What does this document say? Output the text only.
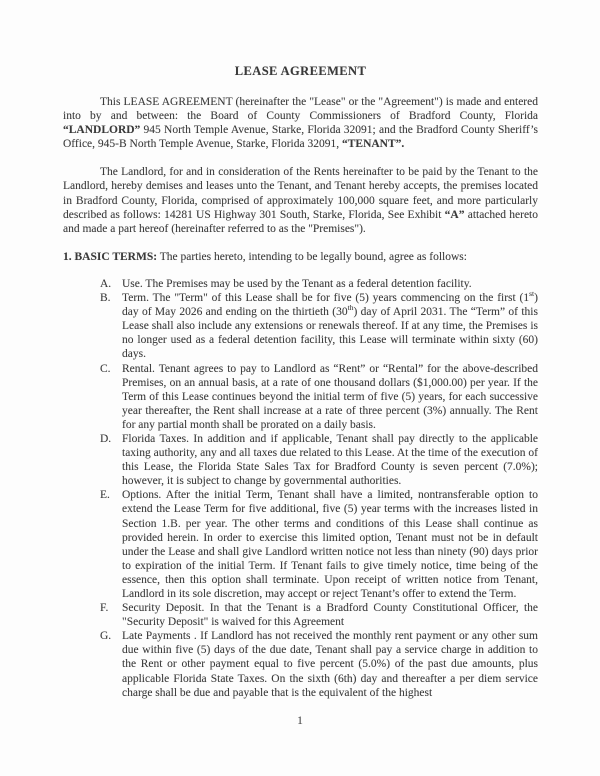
LEASE AGREEMENT

This LEASE AGREEMENT (hereinafter the "Lease" or the "Agreement") is made and entered into by and between: the Board of County Commissioners of Bradford County, Florida “LANDLORD” 945 North Temple Avenue, Starke, Florida 32091; and the Bradford County Sheriff’s Office, 945-B North Temple Avenue, Starke, Florida 32091, “TENANT”.

The Landlord, for and in consideration of the Rents hereinafter to be paid by the Tenant to the Landlord, hereby demises and leases unto the Tenant, and Tenant hereby accepts, the premises located in Bradford County, Florida, comprised of approximately 100,000 square feet, and more particularly described as follows: 14281 US Highway 301 South, Starke, Florida, See Exhibit “A” attached hereto and made a part hereof (hereinafter referred to as the "Premises").

1. BASIC TERMS: The parties hereto, intending to be legally bound, agree as follows:

A. Use. The Premises may be used by the Tenant as a federal detention facility.
B. Term. The "Term" of this Lease shall be for five (5) years commencing on the first (1st) day of May 2026 and ending on the thirtieth (30th) day of April 2031. The “Term” of this Lease shall also include any extensions or renewals thereof. If at any time, the Premises is no longer used as a federal detention facility, this Lease will terminate within sixty (60) days.
C. Rental. Tenant agrees to pay to Landlord as “Rent” or “Rental” for the above-described Premises, on an annual basis, at a rate of one thousand dollars ($1,000.00) per year. If the Term of this Lease continues beyond the initial term of five (5) years, for each successive year thereafter, the Rent shall increase at a rate of three percent (3%) annually. The Rent for any partial month shall be prorated on a daily basis.
D. Florida Taxes. In addition and if applicable, Tenant shall pay directly to the applicable taxing authority, any and all taxes due related to this Lease. At the time of the execution of this Lease, the Florida State Sales Tax for Bradford County is seven percent (7.0%); however, it is subject to change by governmental authorities.
E.	Options. After the initial Term, Tenant shall have a limited, nontransferable option to extend the Lease Term for five additional, five (5) year terms with the increases listed in Section 1.B. per year. The other terms and conditions of this Lease shall continue as provided herein. In order to exercise this limited option, Tenant must not be in default under the Lease and shall give Landlord written notice not less than ninety (90) days prior to expiration of the initial Term. If Tenant fails to give timely notice, time being of the essence, then this option shall terminate. Upon receipt of written notice from Tenant, Landlord in its sole discretion, may accept or reject Tenant’s offer to extend the Term.
F.	Security Deposit. In that the Tenant is a Bradford County Constitutional Officer, the "Security Deposit" is waived for this Agreement
G. Late Payments . If Landlord has not received the monthly rent payment or any other sum due within five (5) days of the due date, Tenant shall pay a service charge in addition to the Rent or other payment equal to five percent (5.0%) of the past due amounts, plus applicable Florida State Taxes. On the sixth (6th) day and thereafter a per diem service charge shall be due and payable that is the equivalent of the highest
1
